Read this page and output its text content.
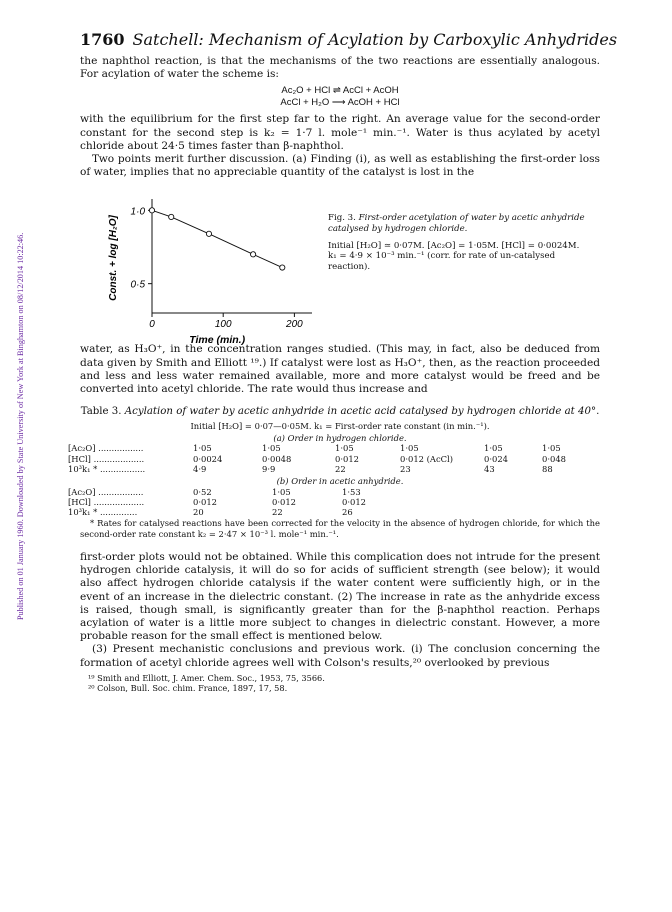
Published on 01 January 1960. Downloaded by State University of New York at Binghamton on 08/12/2014 10:22:46.
1760 Satchell: Mechanism of Acylation by Carboxylic Anhydrides

the naphthol reaction, is that the mechanisms of the two reactions are essentially analogous. For acylation of water the scheme is:

Ac₂O + HCl ⇌ AcCl + AcOH
AcCl + H₂O ⟶ AcOH + HCl

with the equilibrium for the first step far to the right. An average value for the second-order constant for the second step is k₂ = 1·7 l. mole⁻¹ min.⁻¹. Water is thus acylated by acetyl chloride about 24·5 times faster than β-naphthol.

Two points merit further discussion. (a) Finding (i), as well as establishing the first-order loss of water, implies that no appreciable quantity of the catalyst is lost in the

0	100	200
1·0
0·5
Time (min.)
Const. + log [H₂O]	Fig. 3. First-order acetylation of water by acetic anhydride catalysed by hydrogen chloride.
Initial [H₂O] ≃ 0·07M. [Ac₂O] = 1·05M. [HCl] = 0·0024M.
k₁ = 4·9 × 10⁻³ min.⁻¹ (corr. for rate of un-catalysed reaction).

water, as H₃O⁺, in the concentration ranges studied. (This may, in fact, also be deduced from data given by Smith and Elliott ¹⁹.) If catalyst were lost as H₃O⁺, then, as the reaction proceeded and less and less water remained available, more and more catalyst would be freed and be converted into acetyl chloride. The rate would thus increase and

Table 3. Acylation of water by acetic anhydride in acetic acid catalysed by hydrogen chloride at 40°.
Initial [H₂O] = 0·07—0·05M. k₁ = First-order rate constant (in min.⁻¹).
(a) Order in hydrogen chloride.
[Ac₂O] .................	1·05	1·05	1·05	1·05	1·05	1·05
[HCl] ...................	0·0024	0·0048	0·012	0·012 (AcCl)	0·024	0·048
10³k₁ * .................	4·9	9·9	22	23	43	88
(b) Order in acetic anhydride.
[Ac₂O] .................	0·52	1·05	1·53
[HCl] ...................	0·012	0·012	0·012
10³k₁ * ..............	20	22	26
* Rates for catalysed reactions have been corrected for the velocity in the absence of hydrogen chloride, for which the second-order rate constant k₂ = 2·47 × 10⁻³ l. mole⁻¹ min.⁻¹.

first-order plots would not be obtained. While this complication does not intrude for the present hydrogen chloride catalysis, it will do so for acids of sufficient strength (see below); it would also affect hydrogen chloride catalysis if the water content were sufficiently high, or in the event of an increase in the dielectric constant. (2) The increase in rate as the anhydride excess is raised, though small, is significantly greater than for the β-naphthol reaction. Perhaps acylation of water is a little more subject to changes in dielectric constant. However, a more probable reason for the small effect is mentioned below.

(3) Present mechanistic conclusions and previous work. (i) The conclusion concerning the formation of acetyl chloride agrees well with Colson's results,²⁰ overlooked by previous

¹⁹ Smith and Elliott, J. Amer. Chem. Soc., 1953, 75, 3566.
²⁰ Colson, Bull. Soc. chim. France, 1897, 17, 58.
